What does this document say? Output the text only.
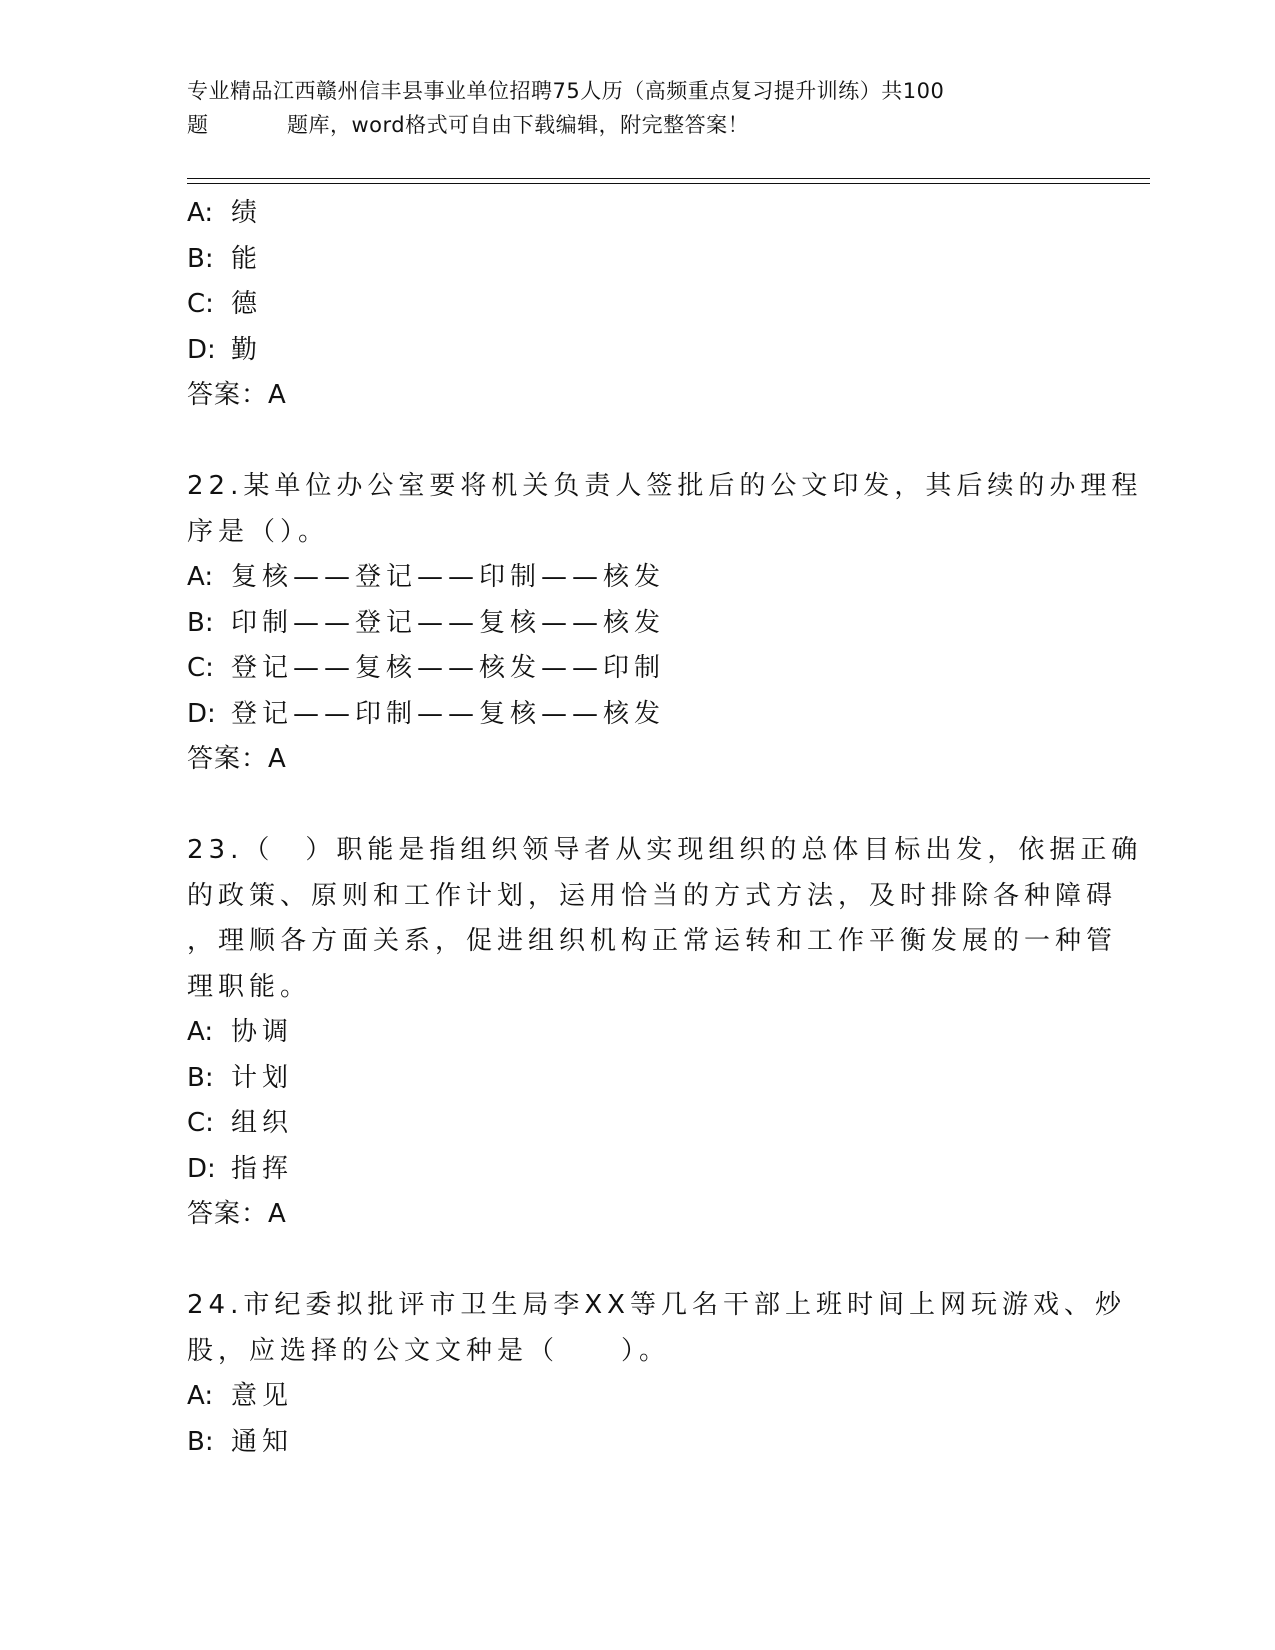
专业精品江西赣州信丰县事业单位招聘75人历（高频重点复习提升训练）共100
题	题库，word格式可自由下载编辑，附完整答案！
A: 绩
B: 能
C: 德
D: 勤
答案：A
22.某单位办公室要将机关负责人签批后的公文印发，其后续的办理程
序是（）。
A: 复核——登记——印制——核发
B: 印制——登记——复核——核发
C: 登记——复核——核发——印制
D: 登记——印制——复核——核发
答案：A
23.（　）职能是指组织领导者从实现组织的总体目标出发，依据正确
的政策、原则和工作计划，运用恰当的方式方法，及时排除各种障碍
，理顺各方面关系，促进组织机构正常运转和工作平衡发展的一种管
理职能。
A: 协调
B: 计划
C: 组织
D: 指挥
答案：A
24.市纪委拟批评市卫生局李XX等几名干部上班时间上网玩游戏、炒
股，应选择的公文文种是（　　）。
A: 意见
B: 通知
